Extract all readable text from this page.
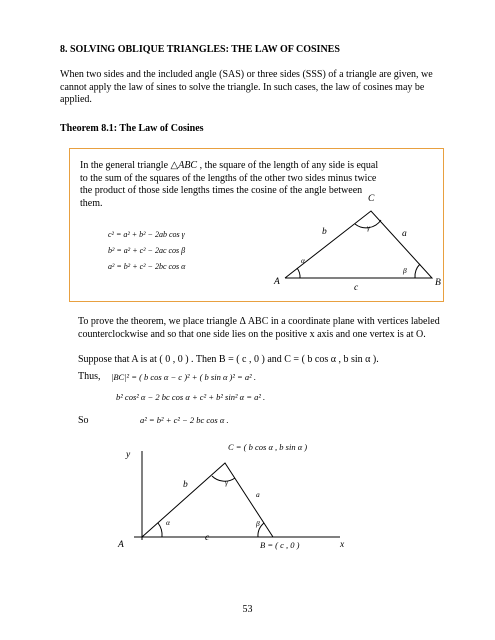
8. SOLVING OBLIQUE TRIANGLES: THE LAW OF COSINES
When two sides and the included angle (SAS) or three sides (SSS) of a triangle are given, we cannot apply the law of sines to solve the triangle. In such cases, the law of cosines may be applied.
Theorem 8.1: The Law of Cosines
In the general triangle △ABC , the square of the length of any side is equal to the sum of the squares of the lengths of the other two sides minus twice the product of those side lengths times the cosine of the angle between them.
c² = a² + b² − 2ab cos γ
b² = a² + c² − 2ac cos β
a² = b² + c² − 2bc cos α
A	B
C
b	a
c
α
γ
β
To prove the theorem, we place triangle Δ ABC in a coordinate plane with vertices labeled counterclockwise and so that one side lies on the positive x axis and one vertex is at O.
Suppose that A is at ( 0 , 0 ) . Then B = ( c , 0 ) and C = ( b cos α , b sin α ).
Thus, |BC|² = ( b cos α − c )² + ( b sin α )² = a² .
b² cos² α − 2 bc cos α + c² + b² sin² α = a² .
So	a² = b² + c² − 2 bc cos α .
y
x
A
b
c
a
α
γ
β
C = ( b cos α , b sin α )
B = ( c , 0 )
53
